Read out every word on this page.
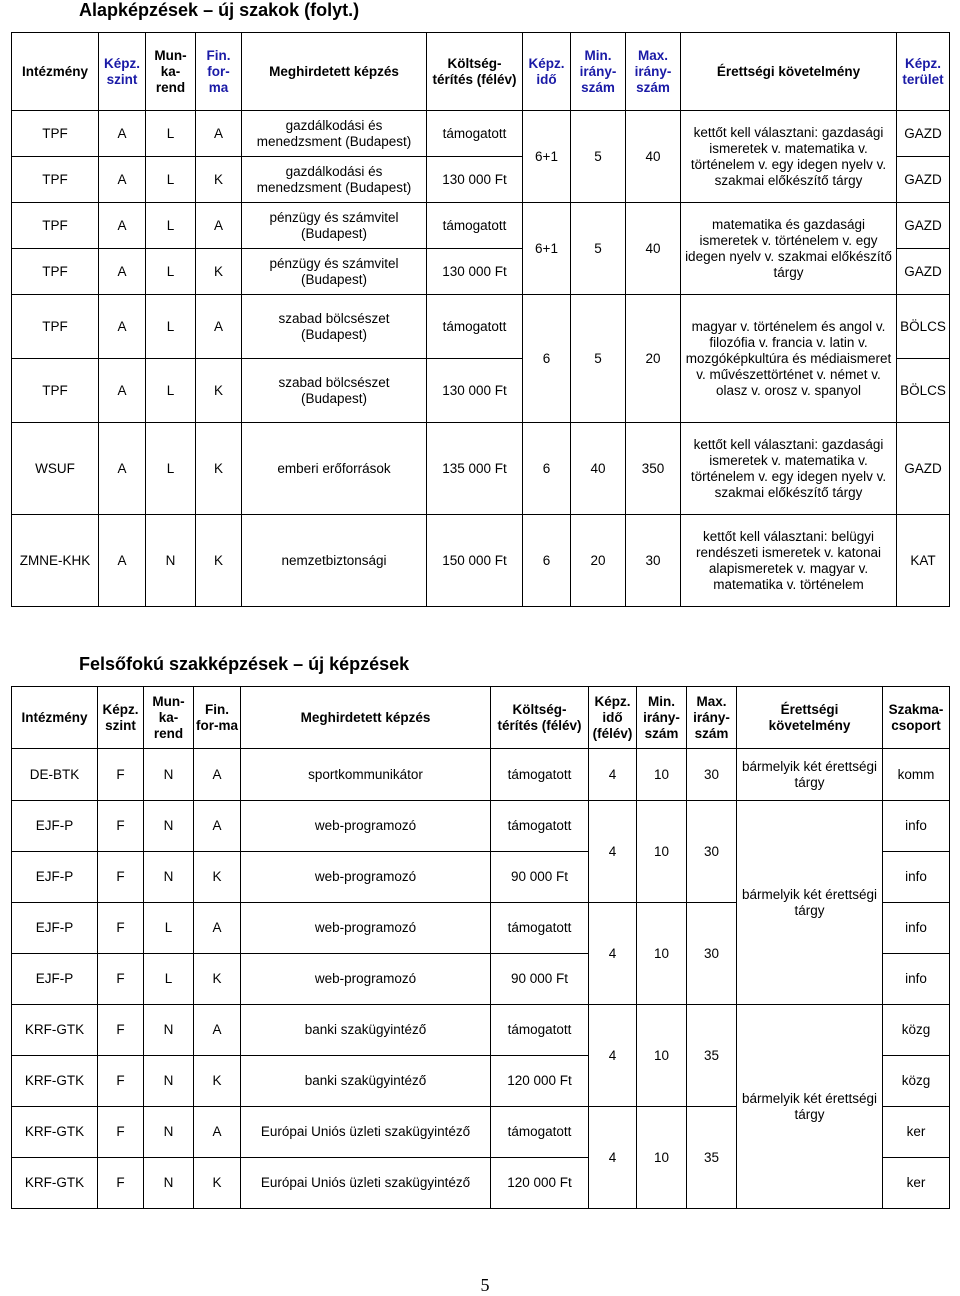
Alapképzések – új szakok (folyt.)
Intézmény	Képz. szint	Mun-ka-rend	Fin. for-ma	Meghirdetett képzés	Költség-térítés (félév)	Képz. idő	Min. irány-szám	Max. irány-szám	Érettségi követelmény	Képz. terület
TPF	A	L	A	gazdálkodási és menedzsment (Budapest)	támogatott	6+1	5	40	kettőt kell választani: gazdasági ismeretek v. matematika v. történelem v. egy idegen nyelv v. szakmai előkészítő tárgy	GAZD
TPF	A	L	K	gazdálkodási és menedzsment (Budapest)	130 000 Ft					GAZD
TPF	A	L	A	pénzügy és számvitel (Budapest)	támogatott	6+1	5	40	matematika és gazdasági ismeretek v. történelem v. egy idegen nyelv v. szakmai előkészítő tárgy	GAZD
TPF	A	L	K	pénzügy és számvitel (Budapest)	130 000 Ft					GAZD
TPF	A	L	A	szabad bölcsészet (Budapest)	támogatott	6	5	20	magyar v. történelem és angol v. filozófia v. francia v. latin v. mozgóképkultúra és médiaismeret v. művészettörténet v. német v. olasz v. orosz v. spanyol	BÖLCS
TPF	A	L	K	szabad bölcsészet (Budapest)	130 000 Ft					BÖLCS
WSUF	A	L	K	emberi erőforrások	135 000 Ft	6	40	350	kettőt kell választani: gazdasági ismeretek v. matematika v. történelem v. egy idegen nyelv v. szakmai előkészítő tárgy	GAZD
ZMNE-KHK	A	N	K	nemzetbiztonsági	150 000 Ft	6	20	30	kettőt kell választani: belügyi rendészeti ismeretek v. katonai alapismeretek v. magyar v. matematika v. történelem	KAT
Felsőfokú szakképzések – új képzések
Intézmény	Képz. szint	Mun-ka-rend	Fin. for-ma	Meghirdetett képzés	Költség-térítés (félév)	Képz. idő (félév)	Min. irány-szám	Max. irány-szám	Érettségi követelmény	Szakma-csoport
DE-BTK	F	N	A	sportkommunikátor	támogatott	4	10	30	bármelyik két érettségi tárgy	komm
EJF-P	F	N	A	web-programozó	támogatott	4	10	30	bármelyik két érettségi tárgy	info
EJF-P	F	N	K	web-programozó	90 000 Ft					info
EJF-P	F	L	A	web-programozó	támogatott	4	10	30		info
EJF-P	F	L	K	web-programozó	90 000 Ft					info
KRF-GTK	F	N	A	banki szakügyintéző	támogatott	4	10	35	bármelyik két érettségi tárgy	közg
KRF-GTK	F	N	K	banki szakügyintéző	120 000 Ft					közg
KRF-GTK	F	N	A	Európai Uniós üzleti szakügyintéző	támogatott	4	10	35		ker
KRF-GTK	F	N	K	Európai Uniós üzleti szakügyintéző	120 000 Ft					ker
5
